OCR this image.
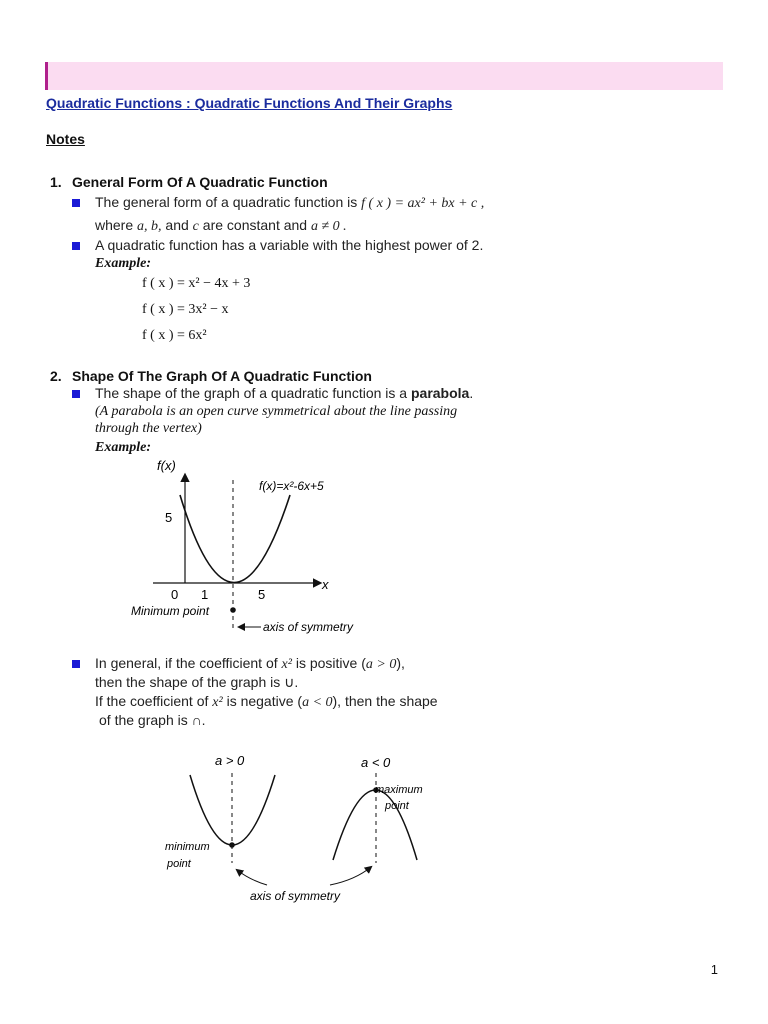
Quadratic Functions : Quadratic Functions And Their Graphs
Notes
1. General Form Of A Quadratic Function
The general form of a quadratic function is f ( x ) = ax² + bx + c ,
where a, b, and c are constant and a ≠ 0 .
A quadratic function has a variable with the highest power of 2.
Example:
f ( x ) = x² − 4x + 3
f ( x ) = 3x² − x
f ( x ) = 6x²
2. Shape Of The Graph Of A Quadratic Function
The shape of the graph of a quadratic function is a parabola.
(A parabola is an open curve symmetrical about the line passing
through the vertex)
Example:
f(x)
x
f(x)=x²-6x+5
5
0 1	5
Minimum point
axis of symmetry
In general, if the coefficient of x² is positive (a > 0),
then the shape of the graph is ∪.
If the coefficient of x² is negative (a < 0), then the shape
of the graph is ∩.
a > 0
minimum
point
a < 0
maximum
point
axis of symmetry
1
